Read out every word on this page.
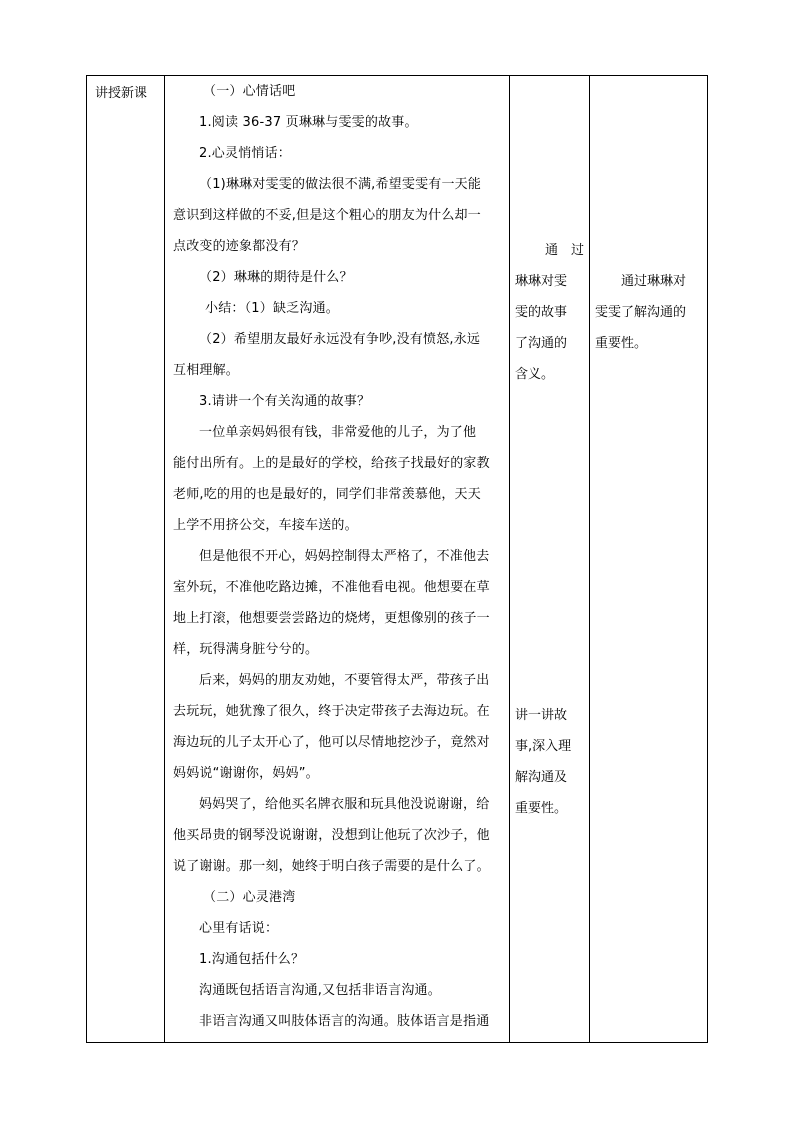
讲授新课	（一）心情话吧

1.阅读 36-37 页琳琳与雯雯的故事。

2.心灵悄悄话：

（1)琳琳对雯雯的做法很不满,希望雯雯有一天能

意识到这样做的不妥,但是这个粗心的朋友为什么却一

点改变的迹象都没有？

（2）琳琳的期待是什么？

小结：（1）缺乏沟通。

（2）希望朋友最好永远没有争吵,没有愤怒,永远

互相理解。

3.请讲一个有关沟通的故事？

一位单亲妈妈很有钱，非常爱他的儿子，为了他

能付出所有。上的是最好的学校，给孩子找最好的家教

老师,吃的用的也是最好的，同学们非常羡慕他，天天

上学不用挤公交，车接车送的。

但是他很不开心，妈妈控制得太严格了，不准他去

室外玩，不准他吃路边摊，不准他看电视。他想要在草

地上打滚，他想要尝尝路边的烧烤，更想像别的孩子一

样，玩得满身脏兮兮的。

后来，妈妈的朋友劝她，不要管得太严，带孩子出

去玩玩，她犹豫了很久，终于决定带孩子去海边玩。在

海边玩的儿子太开心了，他可以尽情地挖沙子，竟然对

妈妈说“谢谢你，妈妈”。

妈妈哭了，给他买名牌衣服和玩具他没说谢谢，给

他买昂贵的钢琴没说谢谢，没想到让他玩了次沙子，他

说了谢谢。那一刻，她终于明白孩子需要的是什么了。

（二）心灵港湾

心里有话说：

1.沟通包括什么？

沟通既包括语言沟通,又包括非语言沟通。

非语言沟通又叫肢体语言的沟通。肢体语言是指通

通　过

琳琳对雯

雯的故事

了沟通的

含义。

通过琳琳对

雯雯了解沟通的

重要性。

讲一讲故

事,深入理

解沟通及

重要性。
